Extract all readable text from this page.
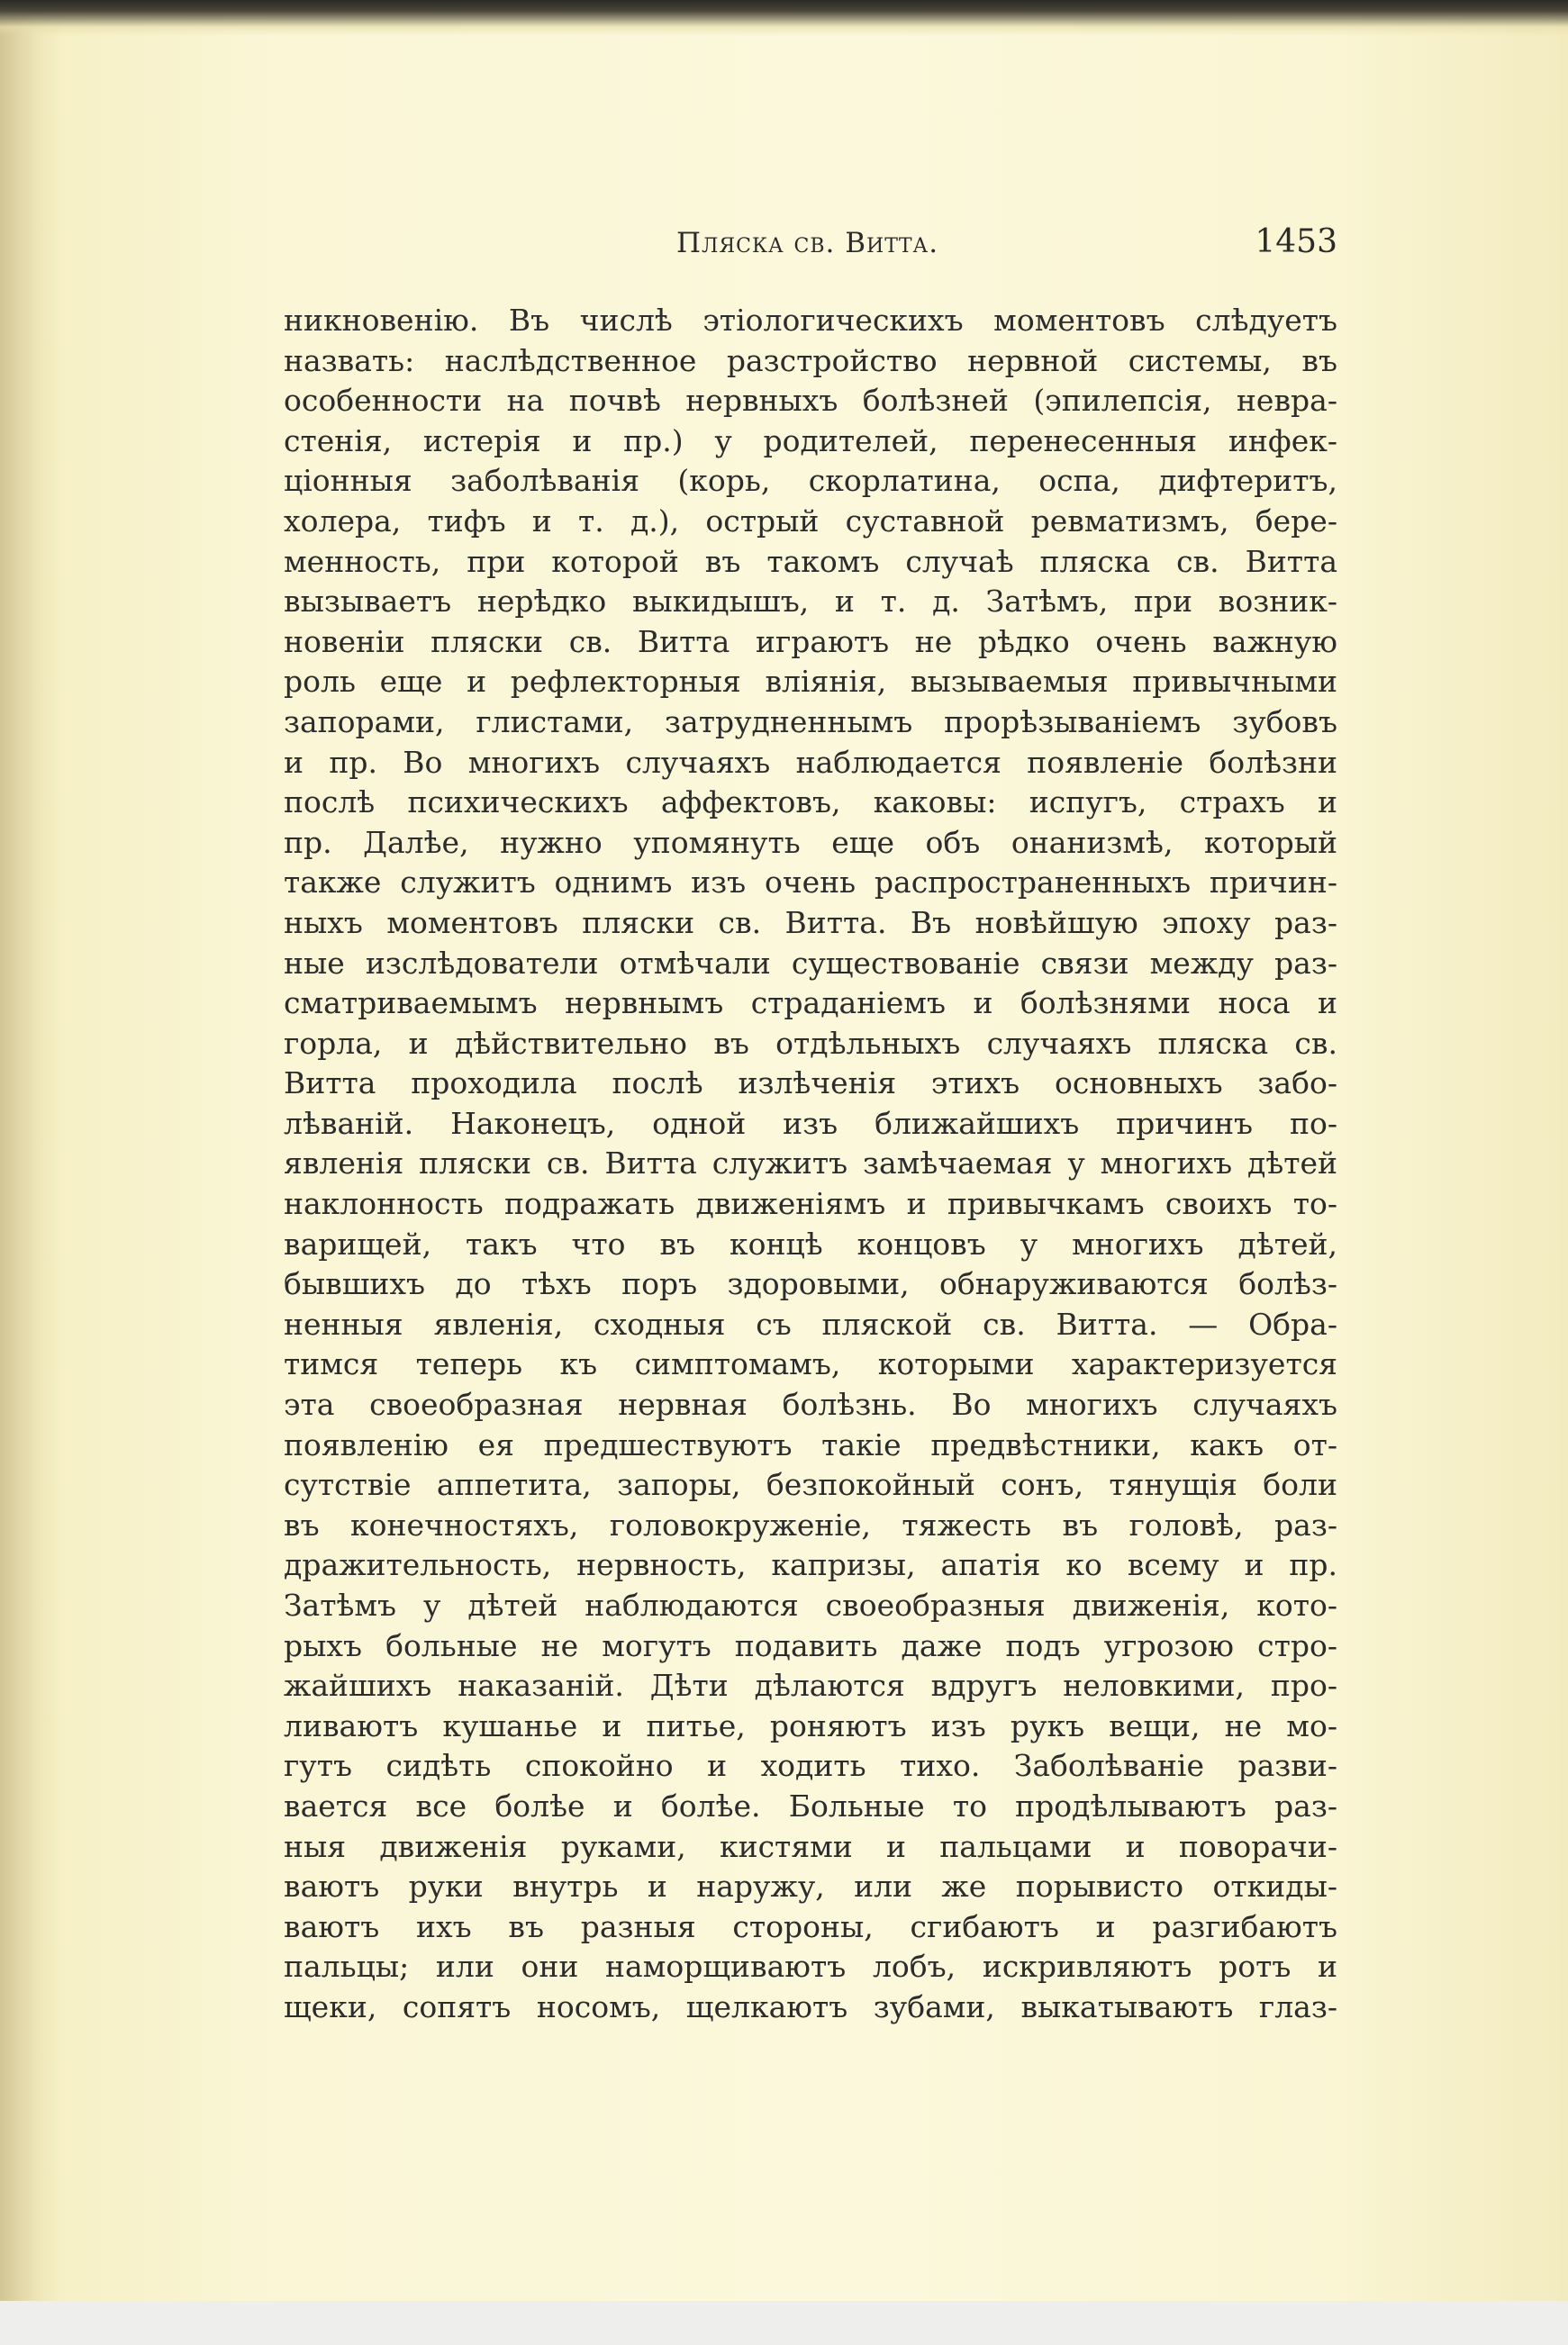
Пляска св. Витта.	1453
никновенію. Въ числѣ этіологическихъ моментовъ слѣдуетъ
назвать: наслѣдственное разстройство нервной системы, въ
особенности на почвѣ нервныхъ болѣзней (эпилепсія, невра-
стенія, истерія и пр.) у родителей, перенесенныя инфек-
ціонныя заболѣванія (корь, скорлатина, оспа, дифтеритъ,
холера, тифъ и т. д.), острый суставной ревматизмъ, бере-
менность, при которой въ такомъ случаѣ пляска св. Витта
вызываетъ нерѣдко выкидышъ, и т. д. Затѣмъ, при возник-
новеніи пляски св. Витта играютъ не рѣдко очень важную
роль еще и рефлекторныя вліянія, вызываемыя привычными
запорами, глистами, затрудненнымъ прорѣзываніемъ зубовъ
и пр. Во многихъ случаяхъ наблюдается появленіе болѣзни
послѣ психическихъ аффектовъ, каковы: испугъ, страхъ и
пр. Далѣе, нужно упомянуть еще объ онанизмѣ, который
также служитъ однимъ изъ очень распространенныхъ причин-
ныхъ моментовъ пляски св. Витта. Въ новѣйшую эпоху раз-
ные изслѣдователи отмѣчали существованіе связи между раз-
сматриваемымъ нервнымъ страданіемъ и болѣзнями носа и
горла, и дѣйствительно въ отдѣльныхъ случаяхъ пляска св.
Витта проходила послѣ излѣченія этихъ основныхъ забо-
лѣваній. Наконецъ, одной изъ ближайшихъ причинъ по-
явленія пляски св. Витта служитъ замѣчаемая у многихъ дѣтей
наклонность подражать движеніямъ и привычкамъ своихъ то-
варищей, такъ что въ концѣ концовъ у многихъ дѣтей,
бывшихъ до тѣхъ поръ здоровыми, обнаруживаются болѣз-
ненныя явленія, сходныя съ пляской св. Витта. — Обра-
тимся теперь къ симптомамъ, которыми характеризуется
эта своеобразная нервная болѣзнь. Во многихъ случаяхъ
появленію ея предшествуютъ такіе предвѣстники, какъ от-
сутствіе аппетита, запоры, безпокойный сонъ, тянущія боли
въ конечностяхъ, головокруженіе, тяжесть въ головѣ, раз-
дражительность, нервность, капризы, апатія ко всему и пр.
Затѣмъ у дѣтей наблюдаются своеобразныя движенія, кото-
рыхъ больные не могутъ подавить даже подъ угрозою стро-
жайшихъ наказаній. Дѣти дѣлаются вдругъ неловкими, про-
ливаютъ кушанье и питье, роняютъ изъ рукъ вещи, не мо-
гутъ сидѣть спокойно и ходить тихо. Заболѣваніе разви-
вается все болѣе и болѣе. Больные то продѣлываютъ раз-
ныя движенія руками, кистями и пальцами и поворачи-
ваютъ руки внутрь и наружу, или же порывисто откиды-
ваютъ ихъ въ разныя стороны, сгибаютъ и разгибаютъ
пальцы; или они наморщиваютъ лобъ, искривляютъ ротъ и
щеки, сопятъ носомъ, щелкаютъ зубами, выкатываютъ глаз-
